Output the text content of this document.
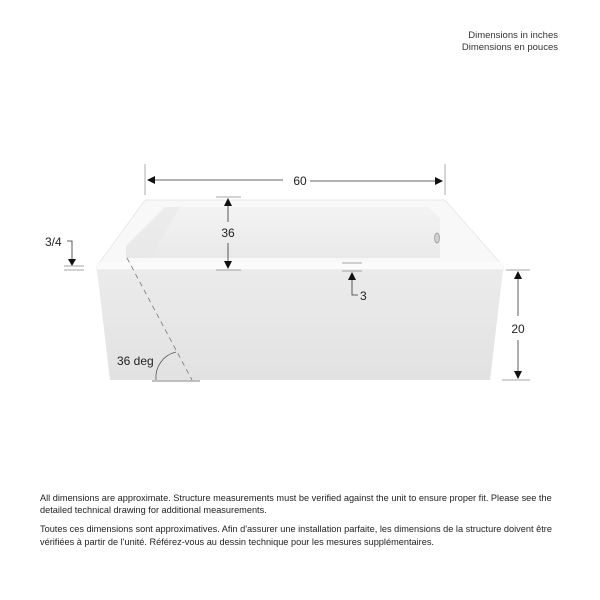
Dimensions in inches
Dimensions en pouces
60
36
3/4
3
20
36 deg

All dimensions are approximate. Structure measurements must be verified against the unit to ensure proper fit. Please see the detailed technical drawing for additional measurements.

Toutes ces dimensions sont approximatives. Afin d'assurer une installation parfaite, les dimensions de la structure doivent être vérifiées à partir de l'unité. Référez-vous au dessin technique pour les mesures supplémentaires.
